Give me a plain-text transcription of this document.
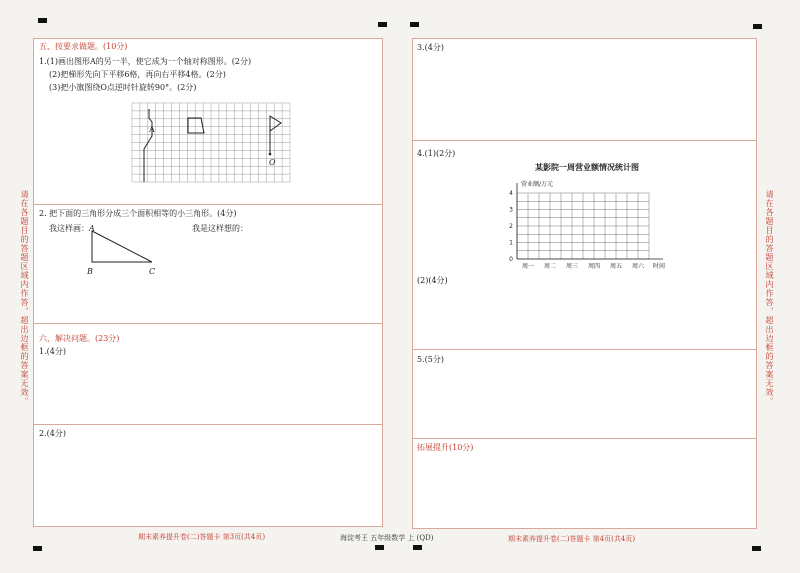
请在各题目的答题区域内作答，超出边框的答案无效。	请在各题目的答题区域内作答，超出边框的答案无效。
五、按要求做题。(10分)
1.(1)画出图形A的另一半，使它成为一个轴对称图形。(2分)
(2)把梯形先向下平移6格，再向右平移4格。(2分)
(3)把小旗图绕O点逆时针旋转90°。(2分)
A
O
2. 把下面的三角形分成三个面积相等的小三角形。(4分)
我这样画：	我是这样想的：
A
B	C
六、解决问题。(23分)
1.(4分)
2.(4分)
期末素养提升卷(二)答题卡 第3页(共4页)	海淀考王 五年级数学 上 (QD)
3.(4分)
4.(1)(2分)
某影院一周营业额情况统计图
营业额/万元
0
1
2
3
4
周一 周二 周三 周四 周五 周六 时间
(2)(4分)
5.(5分)
拓展提升(10分)
期末素养提升卷(二)答题卡 第4页(共4页)
